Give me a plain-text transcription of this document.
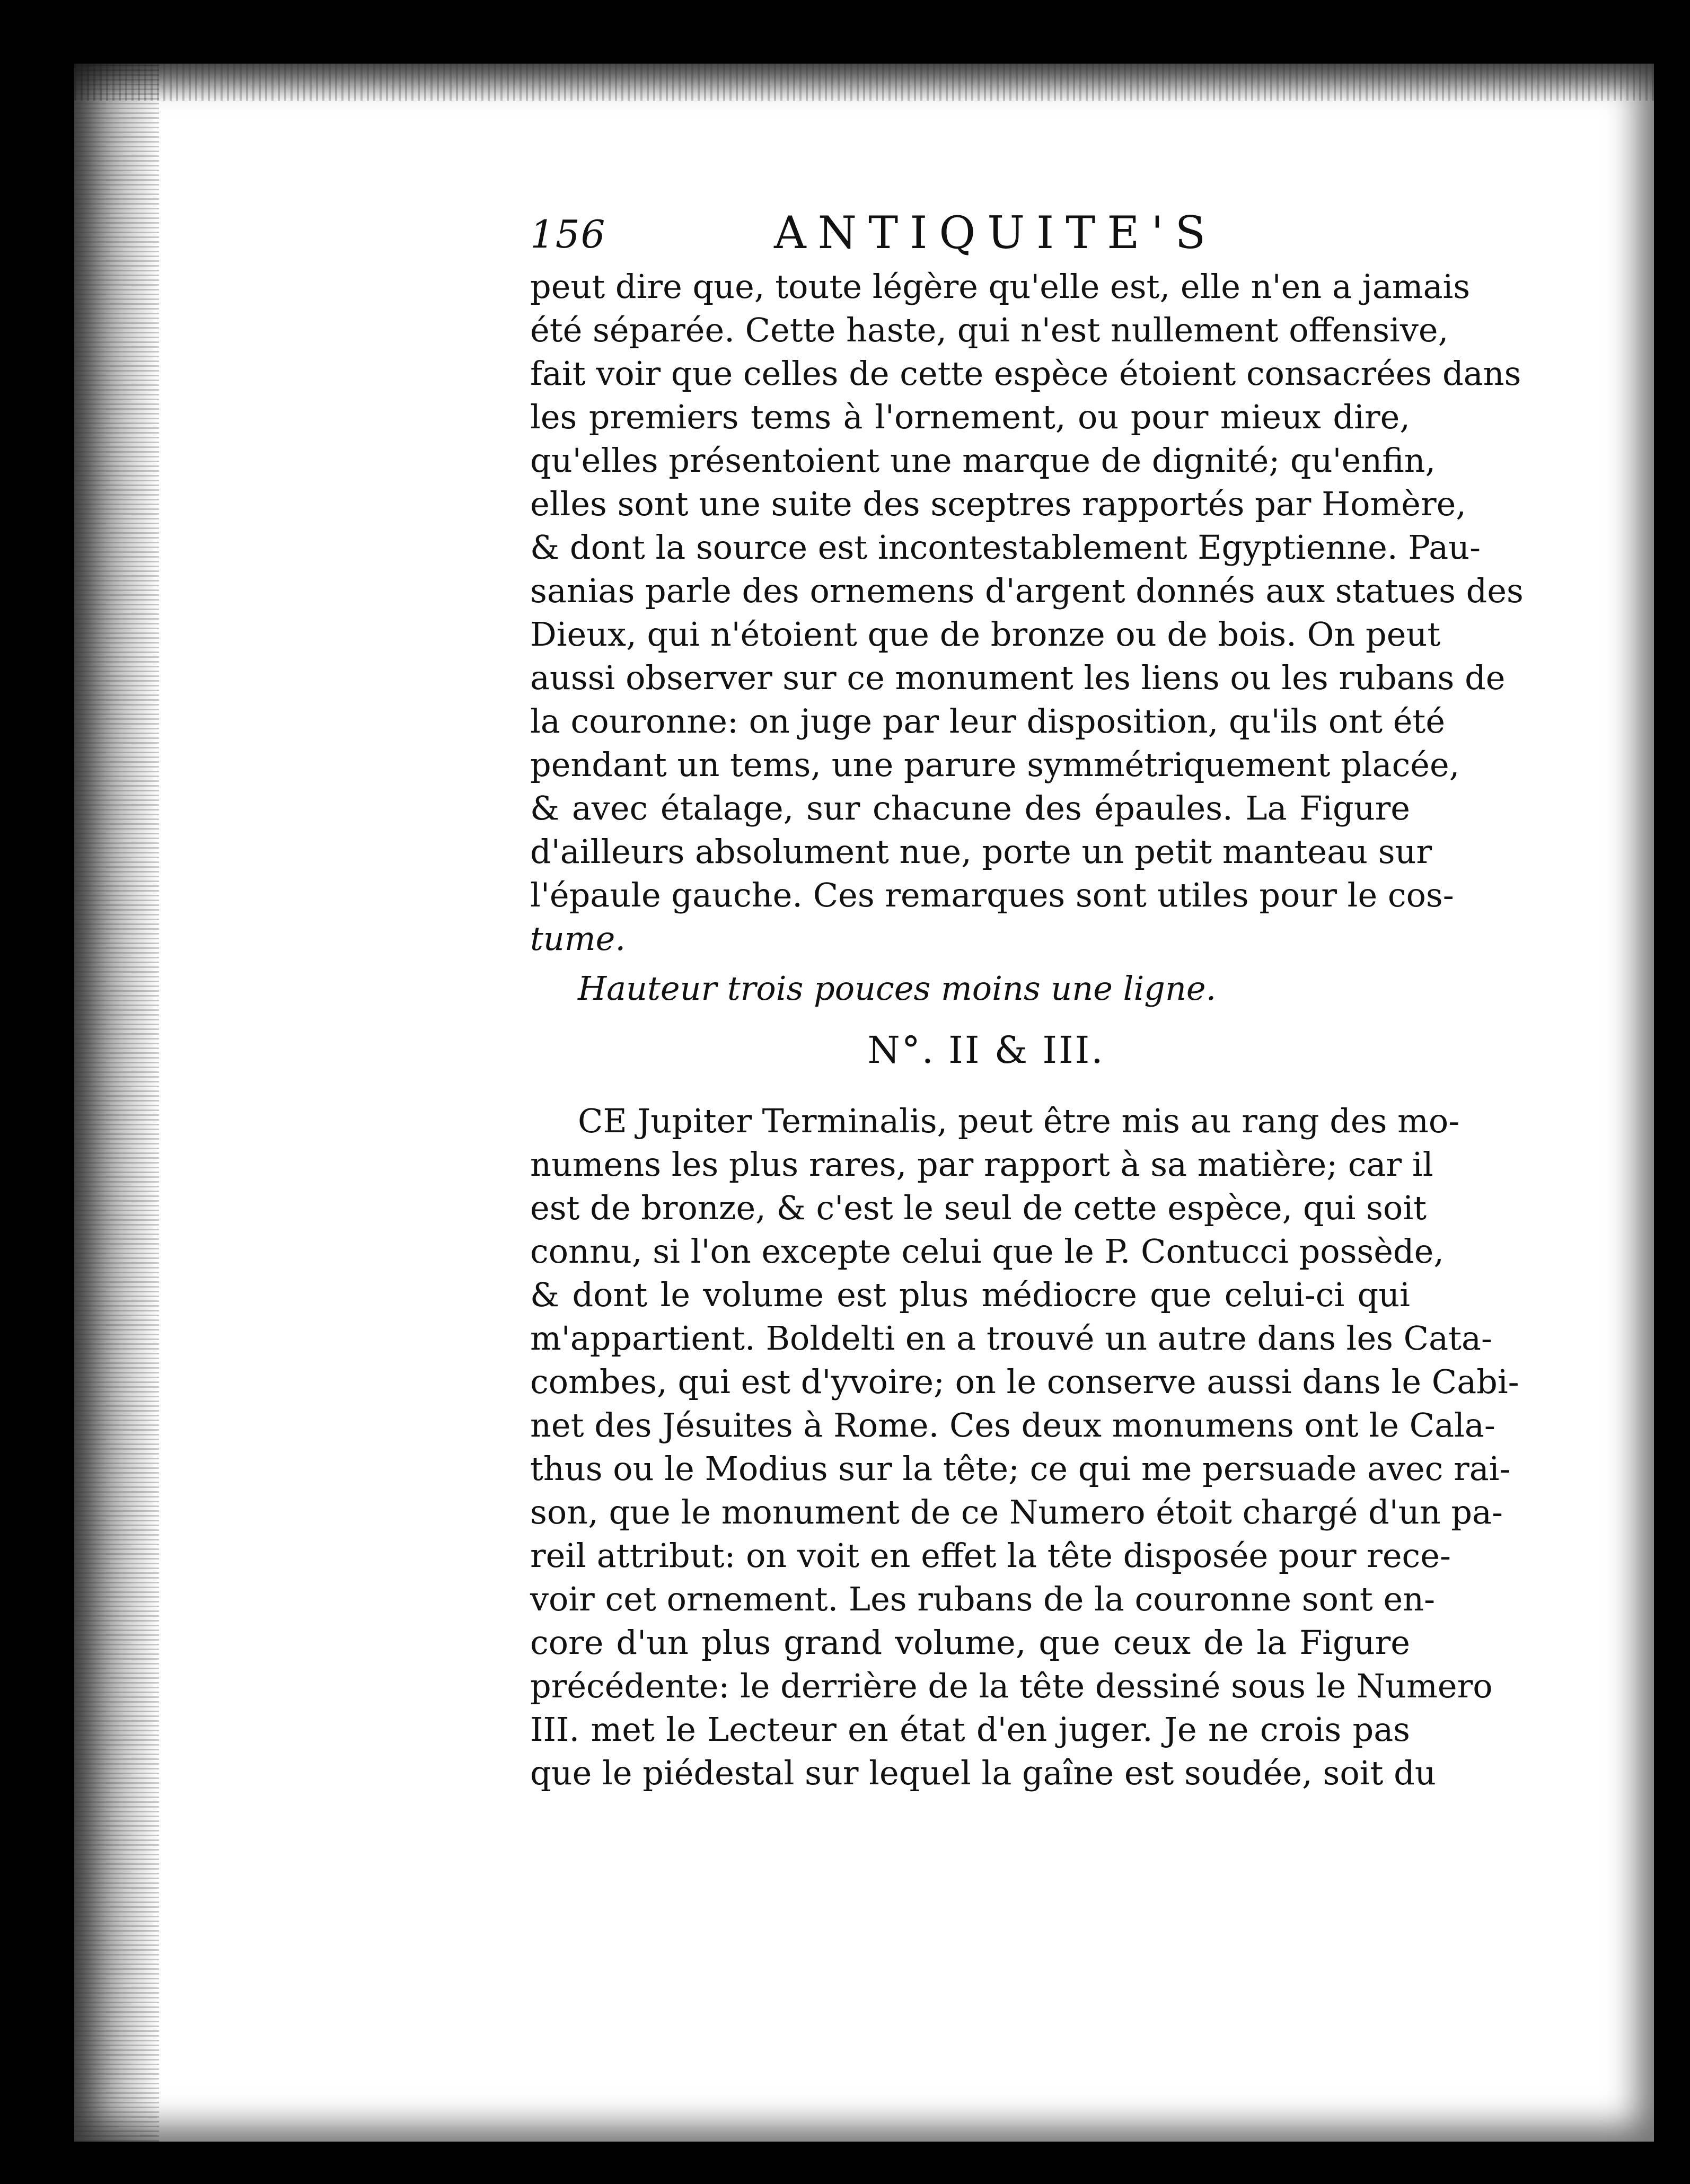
156	ANTIQUITE'S
peut dire que, toute légère qu'elle est, elle n'en a jamais
été séparée. Cette haste, qui n'est nullement offensive,
fait voir que celles de cette espèce étoient consacrées dans
les premiers tems à l'ornement, ou pour mieux dire,
qu'elles présentoient une marque de dignité; qu'enfin,
elles sont une suite des sceptres rapportés par Homère,
& dont la source est incontestablement Egyptienne. Pau-
sanias parle des ornemens d'argent donnés aux statues des
Dieux, qui n'étoient que de bronze ou de bois. On peut
aussi observer sur ce monument les liens ou les rubans de
la couronne: on juge par leur disposition, qu'ils ont été
pendant un tems, une parure symmétriquement placée,
& avec étalage, sur chacune des épaules. La Figure
d'ailleurs absolument nue, porte un petit manteau sur
l'épaule gauche. Ces remarques sont utiles pour le cos-
tume.
Hauteur trois pouces moins une ligne.
N°. II & III.
CE Jupiter Terminalis, peut être mis au rang des mo-
numens les plus rares, par rapport à sa matière; car il
est de bronze, & c'est le seul de cette espèce, qui soit
connu, si l'on excepte celui que le P. Contucci possède,
& dont le volume est plus médiocre que celui-ci qui
m'appartient. Boldelti en a trouvé un autre dans les Cata-
combes, qui est d'yvoire; on le conserve aussi dans le Cabi-
net des Jésuites à Rome. Ces deux monumens ont le Cala-
thus ou le Modius sur la tête; ce qui me persuade avec rai-
son, que le monument de ce Numero étoit chargé d'un pa-
reil attribut: on voit en effet la tête disposée pour rece-
voir cet ornement. Les rubans de la couronne sont en-
core d'un plus grand volume, que ceux de la Figure
précédente: le derrière de la tête dessiné sous le Numero
III. met le Lecteur en état d'en juger. Je ne crois pas
que le piédestal sur lequel la gaîne est soudée, soit du
